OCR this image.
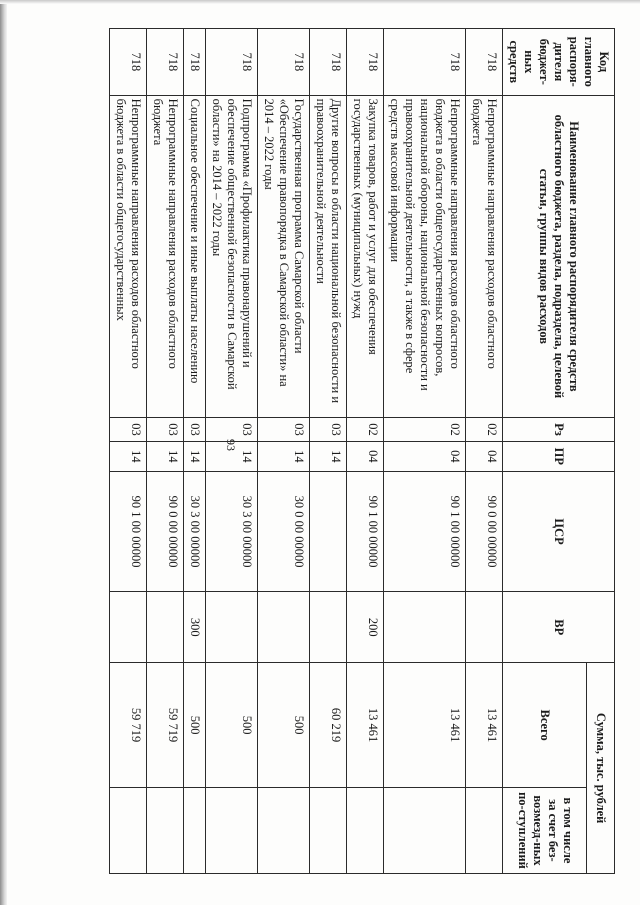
93
Код главного распоря-дителя бюджет-ных средств	Наименование главного распорядителя средств областного бюджета, раздела, подраздела, целевой статьи, группы видов расходов	Рз	ПР	ЦСР	ВР	Сумма, тыс. рублей	
						Всего	в том числе за счет без-возмезд-ных по-ступлений
718	Непрограммные направления расходов областного бюджета	02	04	90 0 00 00000		13 461	
718	Непрограммные направления расходов областного бюджета в области общегосударственных вопросов, национальной обороны, национальной безопасности и правоохранительной деятельности, а также в сфере средств массовой информации	02	04	90 1 00 00000		13 461	
718	Закупка товаров, работ и услуг для обеспечения государственных (муниципальных) нужд	02	04	90 1 00 00000	200	13 461	
718	Другие вопросы в области национальной безопасности и правоохранительной деятельности	03	14			60 219	
718	Государственная программа Самарской области «Обеспечение правопорядка в Самарской области» на 2014 – 2022 годы	03	14	30 0 00 00000		500	
718	Подпрограмма «Профилактика правонарушений и обеспечение общественной безопасности в Самарской области» на 2014 – 2022 годы	03	14	30 3 00 00000		500	
718	Социальное обеспечение и иные выплаты населению	03	14	30 3 00 00000	300	500	
718	Непрограммные направления расходов областного бюджета	03	14	90 0 00 00000		59 719	
718	Непрограммные направления расходов областного бюджета в области общегосударственных	03	14	90 1 00 00000		59 719	
